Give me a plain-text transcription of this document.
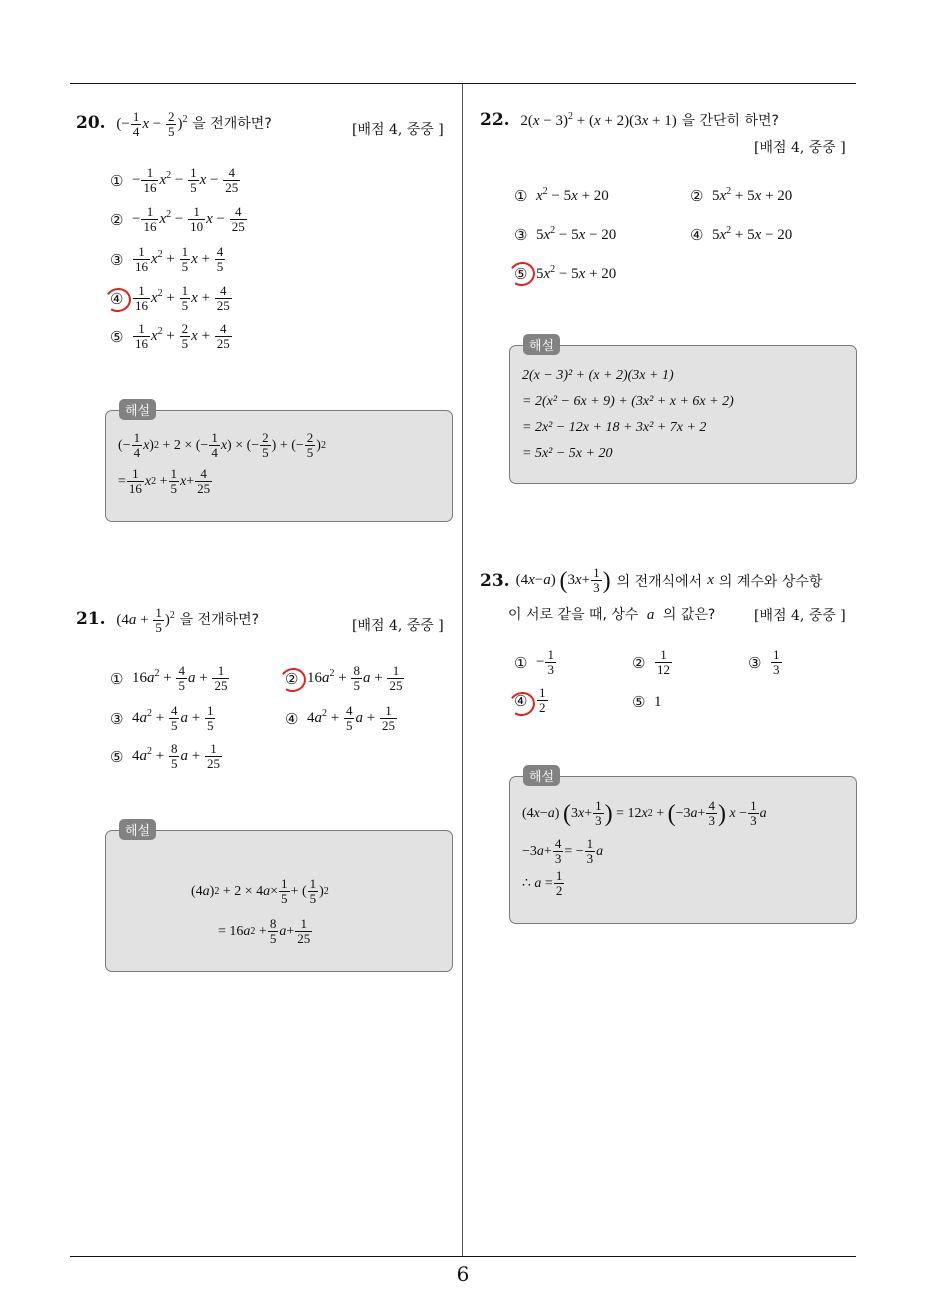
6
20. (− $\frac{1}{4}$ $x - \frac{2}{5} )^2$ 을 전개하면?	[배점 4, 중중 ]
① − $\frac{1}{16} x^2 - \frac{1}{5}$ $x - \frac{4}{25}$
② − $\frac{1}{16} x^2 - \frac{1}{10}$ $x - \frac{4}{25}$
③ $\frac{1}{16} x^2 + \frac{1}{5}$ $x + \frac{4}{5}$
④ $\frac{1}{16} x^2 + \frac{1}{5}$ $x + \frac{4}{25}$
⑤ $\frac{1}{16} x^2 + \frac{2}{5}$ $x + \frac{4}{25}$
해설
(− $\frac{1}{4}$ x ) 2 + 2 × (− $\frac{1}{4}$ x ) × (− $\frac{2}{5}$ ) + (− $\frac{2}{5}$ ) 2
= $\frac{1}{16}$ x $2 + \frac{1}{5}$ $x + \frac{4}{25}$
21. $(4a + \frac{1}{5} )^2$ 을 전개하면?	[배점 4, 중중 ]
① $16a^2 + \frac{4}{5}$ $a + \frac{1}{25}$	② $16a^2 + \frac{8}{5}$ $a + \frac{1}{25}$
③ $4a^2 + \frac{4}{5}$ $a + \frac{1}{5}$	④ $4a^2 + \frac{4}{5}$ $a + \frac{1}{25}$
⑤ $4a^2 + \frac{8}{5}$ $a + \frac{1}{25}$
해설
(4 a ) 2 + 2 × 4 $a \times \frac{1}{5}$ + ( $\frac{1}{5}$ ) 2
= 16 a $2 + \frac{8}{5}$ $a + \frac{1}{25}$
22. $2(x - 3)^2 + (x + 2)(3x + 1)$ 을 간단히 하면?
[배점 4, 중중 ]
① $x^2 - 5x + 20$	② $5x^2 + 5x + 20$
③ $5x^2 - 5x - 20$	④ $5x^2 + 5x - 20$
⑤ $5x^2 - 5x + 20$
해설
2(x − 3)² + (x + 2)(3x + 1)
= 2(x² − 6x + 9) + (3x² + x + 6x + 2)
= 2x² − 12x + 18 + 3x² + 7x + 2
= 5x² − 5x + 20
23. (4 x − a ) ( 3 $x + \frac{1}{3}$ ) 의 전개식에서 x 의 계수와 상수항
이 서로 같을 때, 상수 a 의 값은?	[배점 4, 중중 ]
① − $\frac{1}{3}$	② $\frac{1}{12}$	③ $\frac{1}{3}$
④ $\frac{1}{2}$	⑤ 1
해설
(4 x − a ) ( 3 $x + \frac{1}{3}$ ) = 12 x 2 + ( −3 $a + \frac{4}{3}$ )
$x - \frac{1}{3}$ a
−3 $a + \frac{4}{3}$ = − $\frac{1}{3}$ a
∴
$a = \frac{1}{2}$
